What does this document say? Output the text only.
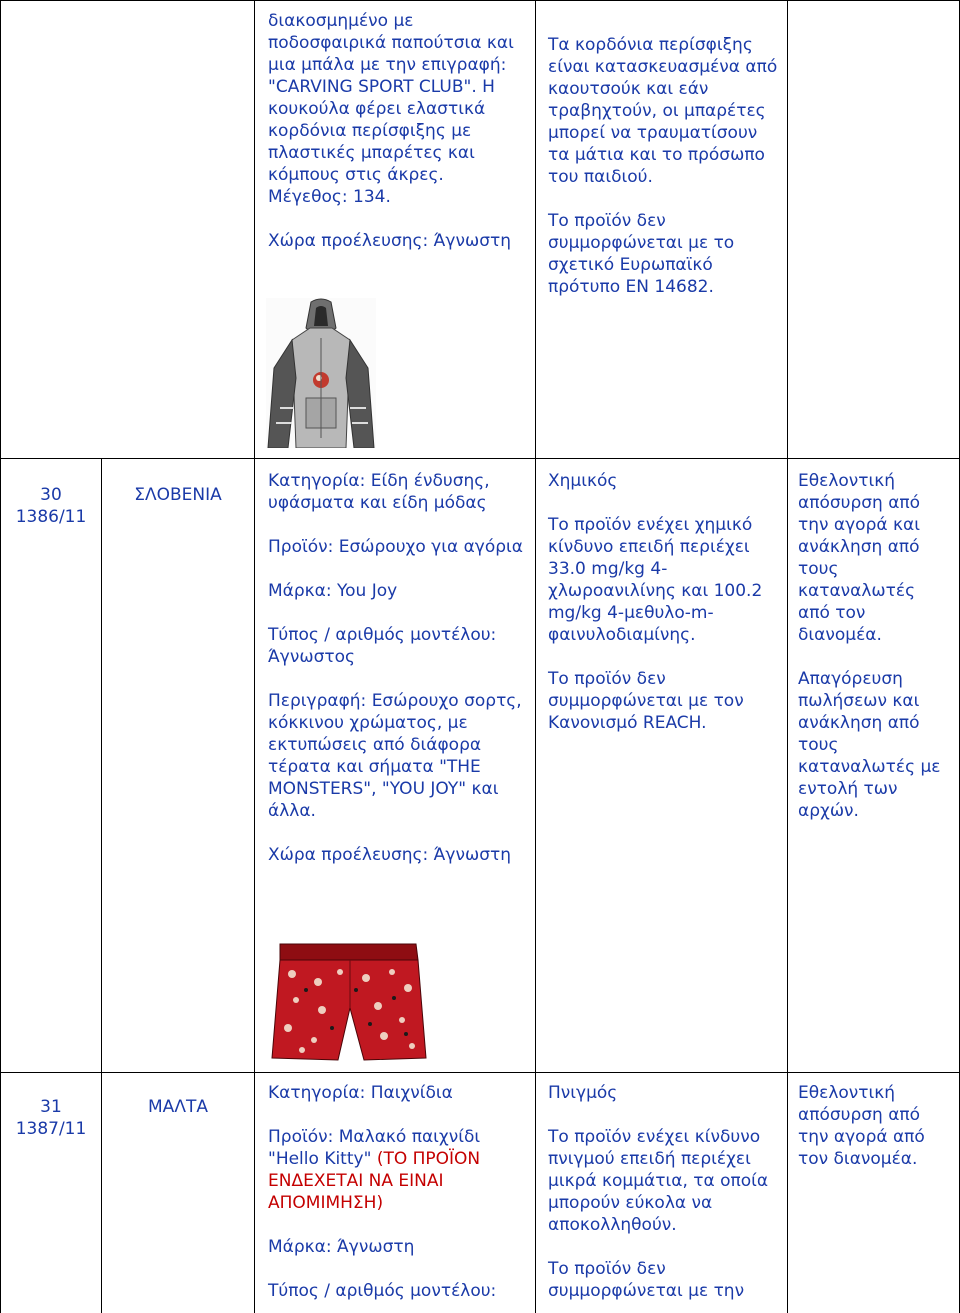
διακοσμημένο με ποδοσφαιρικά παπούτσια και μια μπάλα με την επιγραφή: "CARVING SPORT CLUB". Η κουκούλα φέρει ελαστικά κορδόνια περίσφιξης με πλαστικές μπαρέτες και κόμπους στις άκρες.
Μέγεθος: 134.
Χώρα προέλευσης: Άγνωστη
Τα κορδόνια περίσφιξης είναι κατασκευασμένα από καουτσούκ και εάν τραβηχτούν, οι μπαρέτες μπορεί να τραυματίσουν τα μάτια και το πρόσωπο του παιδιού.
Το προϊόν δεν συμμορφώνεται με το σχετικό Ευρωπαϊκό πρότυπο EN 14682.
30
1386/11
ΣΛΟΒΕΝΙΑ
Κατηγορία: Είδη ένδυσης, υφάσματα και είδη μόδας
Προϊόν: Εσώρουχο για αγόρια
Μάρκα: You Joy
Τύπος / αριθμός μοντέλου: Άγνωστος
Περιγραφή: Εσώρουχο σορτς, κόκκινου χρώματος, με εκτυπώσεις από διάφορα τέρατα και σήματα "THE MONSTERS", "YOU JOY" και άλλα.
Χώρα προέλευσης: Άγνωστη
Χημικός
Το προϊόν ενέχει χημικό κίνδυνο επειδή περιέχει 33.0 mg/kg 4-χλωροανιλίνης και 100.2 mg/kg 4-μεθυλο-m-φαινυλοδιαμίνης.
Το προϊόν δεν συμμορφώνεται με τον Κανονισμό REACH.
Εθελοντική απόσυρση από την αγορά και ανάκληση από τους καταναλωτές από τον διανομέα.
Απαγόρευση πωλήσεων και ανάκληση από τους καταναλωτές με εντολή των αρχών.
31
1387/11
ΜΑΛΤΑ
Κατηγορία: Παιχνίδια
Προϊόν: Μαλακό παιχνίδι "Hello Kitty" (ΤΟ ΠΡΟΪΟΝ ΕΝΔΕΧΕΤΑΙ ΝΑ ΕΙΝΑΙ ΑΠΟΜΙΜΗΣΗ)
Μάρκα: Άγνωστη
Τύπος / αριθμός μοντέλου:
Πνιγμός
Το προϊόν ενέχει κίνδυνο πνιγμού επειδή περιέχει μικρά κομμάτια, τα οποία μπορούν εύκολα να αποκολληθούν.
Το προϊόν δεν συμμορφώνεται με την
Εθελοντική απόσυρση από την αγορά από τον διανομέα.
